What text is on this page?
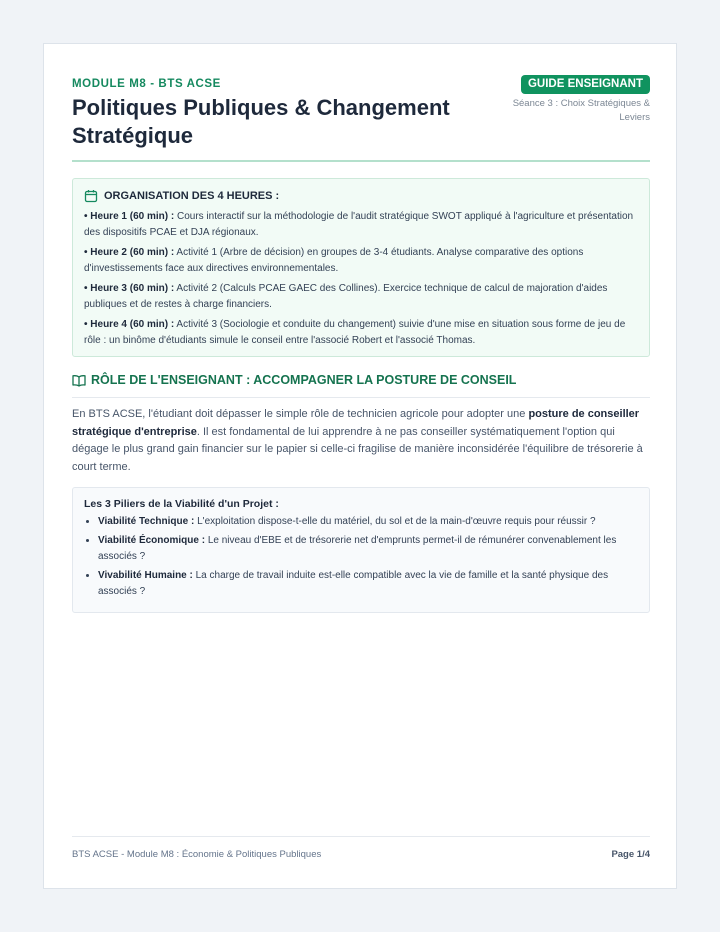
MODULE M8 - BTS ACSE
Politiques Publiques & Changement Stratégique
GUIDE ENSEIGNANT
Séance 3 : Choix Stratégiques & Leviers
ORGANISATION DES 4 HEURES :
• Heure 1 (60 min) : Cours interactif sur la méthodologie de l'audit stratégique SWOT appliqué à l'agriculture et présentation des dispositifs PCAE et DJA régionaux.
• Heure 2 (60 min) : Activité 1 (Arbre de décision) en groupes de 3-4 étudiants. Analyse comparative des options d'investissements face aux directives environnementales.
• Heure 3 (60 min) : Activité 2 (Calculs PCAE GAEC des Collines). Exercice technique de calcul de majoration d'aides publiques et de restes à charge financiers.
• Heure 4 (60 min) : Activité 3 (Sociologie et conduite du changement) suivie d'une mise en situation sous forme de jeu de rôle : un binôme d'étudiants simule le conseil entre l'associé Robert et l'associé Thomas.
RÔLE DE L'ENSEIGNANT : ACCOMPAGNER LA POSTURE DE CONSEIL
En BTS ACSE, l'étudiant doit dépasser le simple rôle de technicien agricole pour adopter une posture de conseiller stratégique d'entreprise. Il est fondamental de lui apprendre à ne pas conseiller systématiquement l'option qui dégage le plus grand gain financier sur le papier si celle-ci fragilise de manière inconsidérée l'équilibre de trésorerie à court terme.
Les 3 Piliers de la Viabilité d'un Projet :
• Viabilité Technique : L'exploitation dispose-t-elle du matériel, du sol et de la main-d'œuvre requis pour réussir ?
• Viabilité Économique : Le niveau d'EBE et de trésorerie net d'emprunts permet-il de rémunérer convenablement les associés ?
• Vivabilité Humaine : La charge de travail induite est-elle compatible avec la vie de famille et la santé physique des associés ?
BTS ACSE - Module M8 : Économie & Politiques Publiques	Page 1/4
